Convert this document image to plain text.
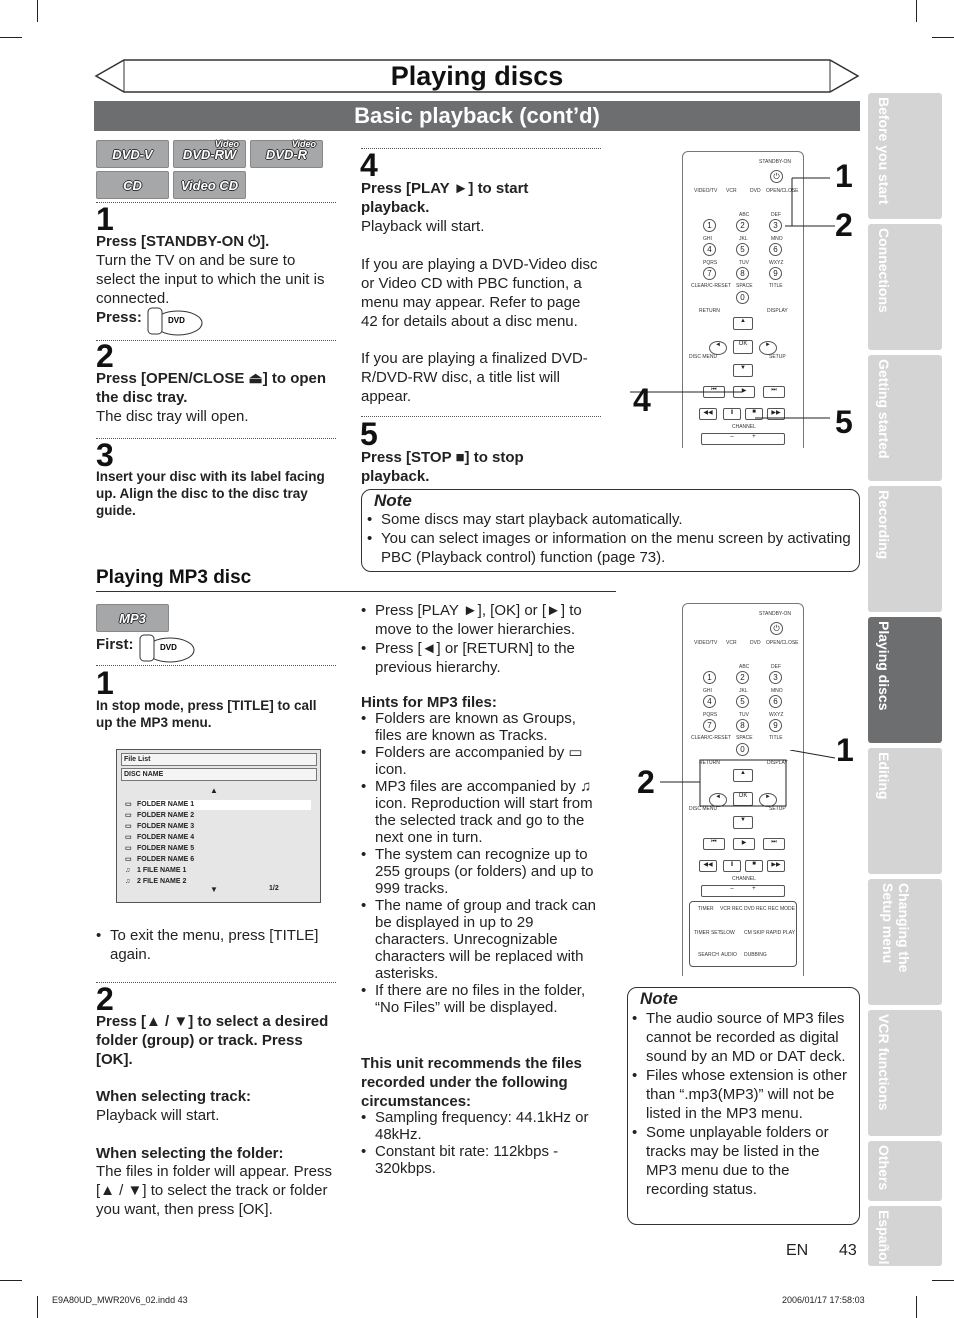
Playing discs
Basic playback (cont’d)	Before you start
Connections
Getting started
Recording
Playing discs
Editing
Changing the Setup menu
VCR functions
Others
Español
DVD-V
Video
DVD-RW
Video
DVD-R
CD	Video CD
1
Press [STANDBY-ON ⏻].
Turn the TV on and be sure to select the input to which the unit is connected.
Press:	DVD
2
Press [OPEN/CLOSE ⏏] to open the disc tray.
The disc tray will open.
3
Insert your disc with its label facing up. Align the disc to the disc tray guide.
4
Press [PLAY ►] to start playback.
Playback will start.
If you are playing a DVD-Video disc or Video CD with PBC function, a menu may appear. Refer to page 42 for details about a disc menu.
If you are playing a finalized DVD-R/DVD-RW disc, a title list will appear.
5
Press [STOP ■] to stop playback.
STANDBY-ON
⏻
VIDEO/TV VCR	DVD OPEN/CLOSE
ABC	DEF
1	2	3
GHI	JKL	MNO
4	5	6
PQRS	TUV	WXYZ
7	8	9
CLEAR/C-RESET SPACE	TITLE
0
RETURN	DISPLAY
▲
◄	OK	►
DISC MENU	SETUP
▼
⏮	▶	⏭
◀◀	Ⅱ	■	▶▶
CHANNEL
–           +
1
2
4
5
Note
• Some discs may start playback automatically.
• You can select images or information on the menu screen by activating PBC (Playback control) function (page 73).
Playing MP3 disc
MP3
First:	DVD
1
In stop mode, press [TITLE] to call up the MP3 menu.
File List
DISC NAME
▲
▭ FOLDER NAME 1
▭ FOLDER NAME 2
▭ FOLDER NAME 3
▭ FOLDER NAME 4
▭ FOLDER NAME 5
▭ FOLDER NAME 6
♫ 1 FILE NAME 1
♫ 2 FILE NAME 2
▼	1/2
• To exit the menu, press [TITLE] again.
2
Press [▲ / ▼] to select a desired folder (group) or track. Press [OK].
When selecting track:
Playback will start.
When selecting the folder:
The files in folder will appear. Press [▲ / ▼] to select the track or folder you want, then press [OK].
• Press [PLAY ►], [OK] or [►] to move to the lower hierarchies.
• Press [◄] or [RETURN] to the previous hierarchy.
Hints for MP3 files:
• Folders are known as Groups, files are known as Tracks.
• Folders are accompanied by ▭ icon.
• MP3 files are accompanied by ♫ icon. Reproduction will start from the selected track and go to the next one in turn.
• The system can recognize up to 255 groups (or folders) and up to 999 tracks.
• The name of group and track can be displayed in up to 29 characters. Unrecognizable characters will be replaced with asterisks.
• If there are no files in the folder, “No Files” will be displayed.
This unit recommends the files recorded under the following circumstances:
• Sampling frequency: 44.1kHz or 48kHz.
• Constant bit rate: 112kbps - 320kbps.
STANDBY-ON
⏻
VIDEO/TV VCR	DVD OPEN/CLOSE
ABC	DEF
1	2	3
GHI	JKL	MNO
4	5	6
PQRS	TUV	WXYZ
7	8	9
CLEAR/C-RESET SPACE	TITLE
0
RETURN	DISPLAY
▲
◄	OK	►
DISC MENU	SETUP
▼
⏮	▶	⏭
◀◀	Ⅱ	■	▶▶
CHANNEL
–           +
TIMER VCR REC DVD REC REC MODE
TIMER SET SLOW CM SKIP RAPID PLAY
SEARCH AUDIO DUBBING
1
2
Note
• The audio source of MP3 files cannot be recorded as digital sound by an MD or DAT deck.
• Files whose extension is other than “.mp3(MP3)” will not be listed in the MP3 menu.
• Some unplayable folders or tracks may be listed in the MP3 menu due to the recording status.
EN 43
E9A80UD_MWR20V6_02.indd 43	2006/01/17 17:58:03
